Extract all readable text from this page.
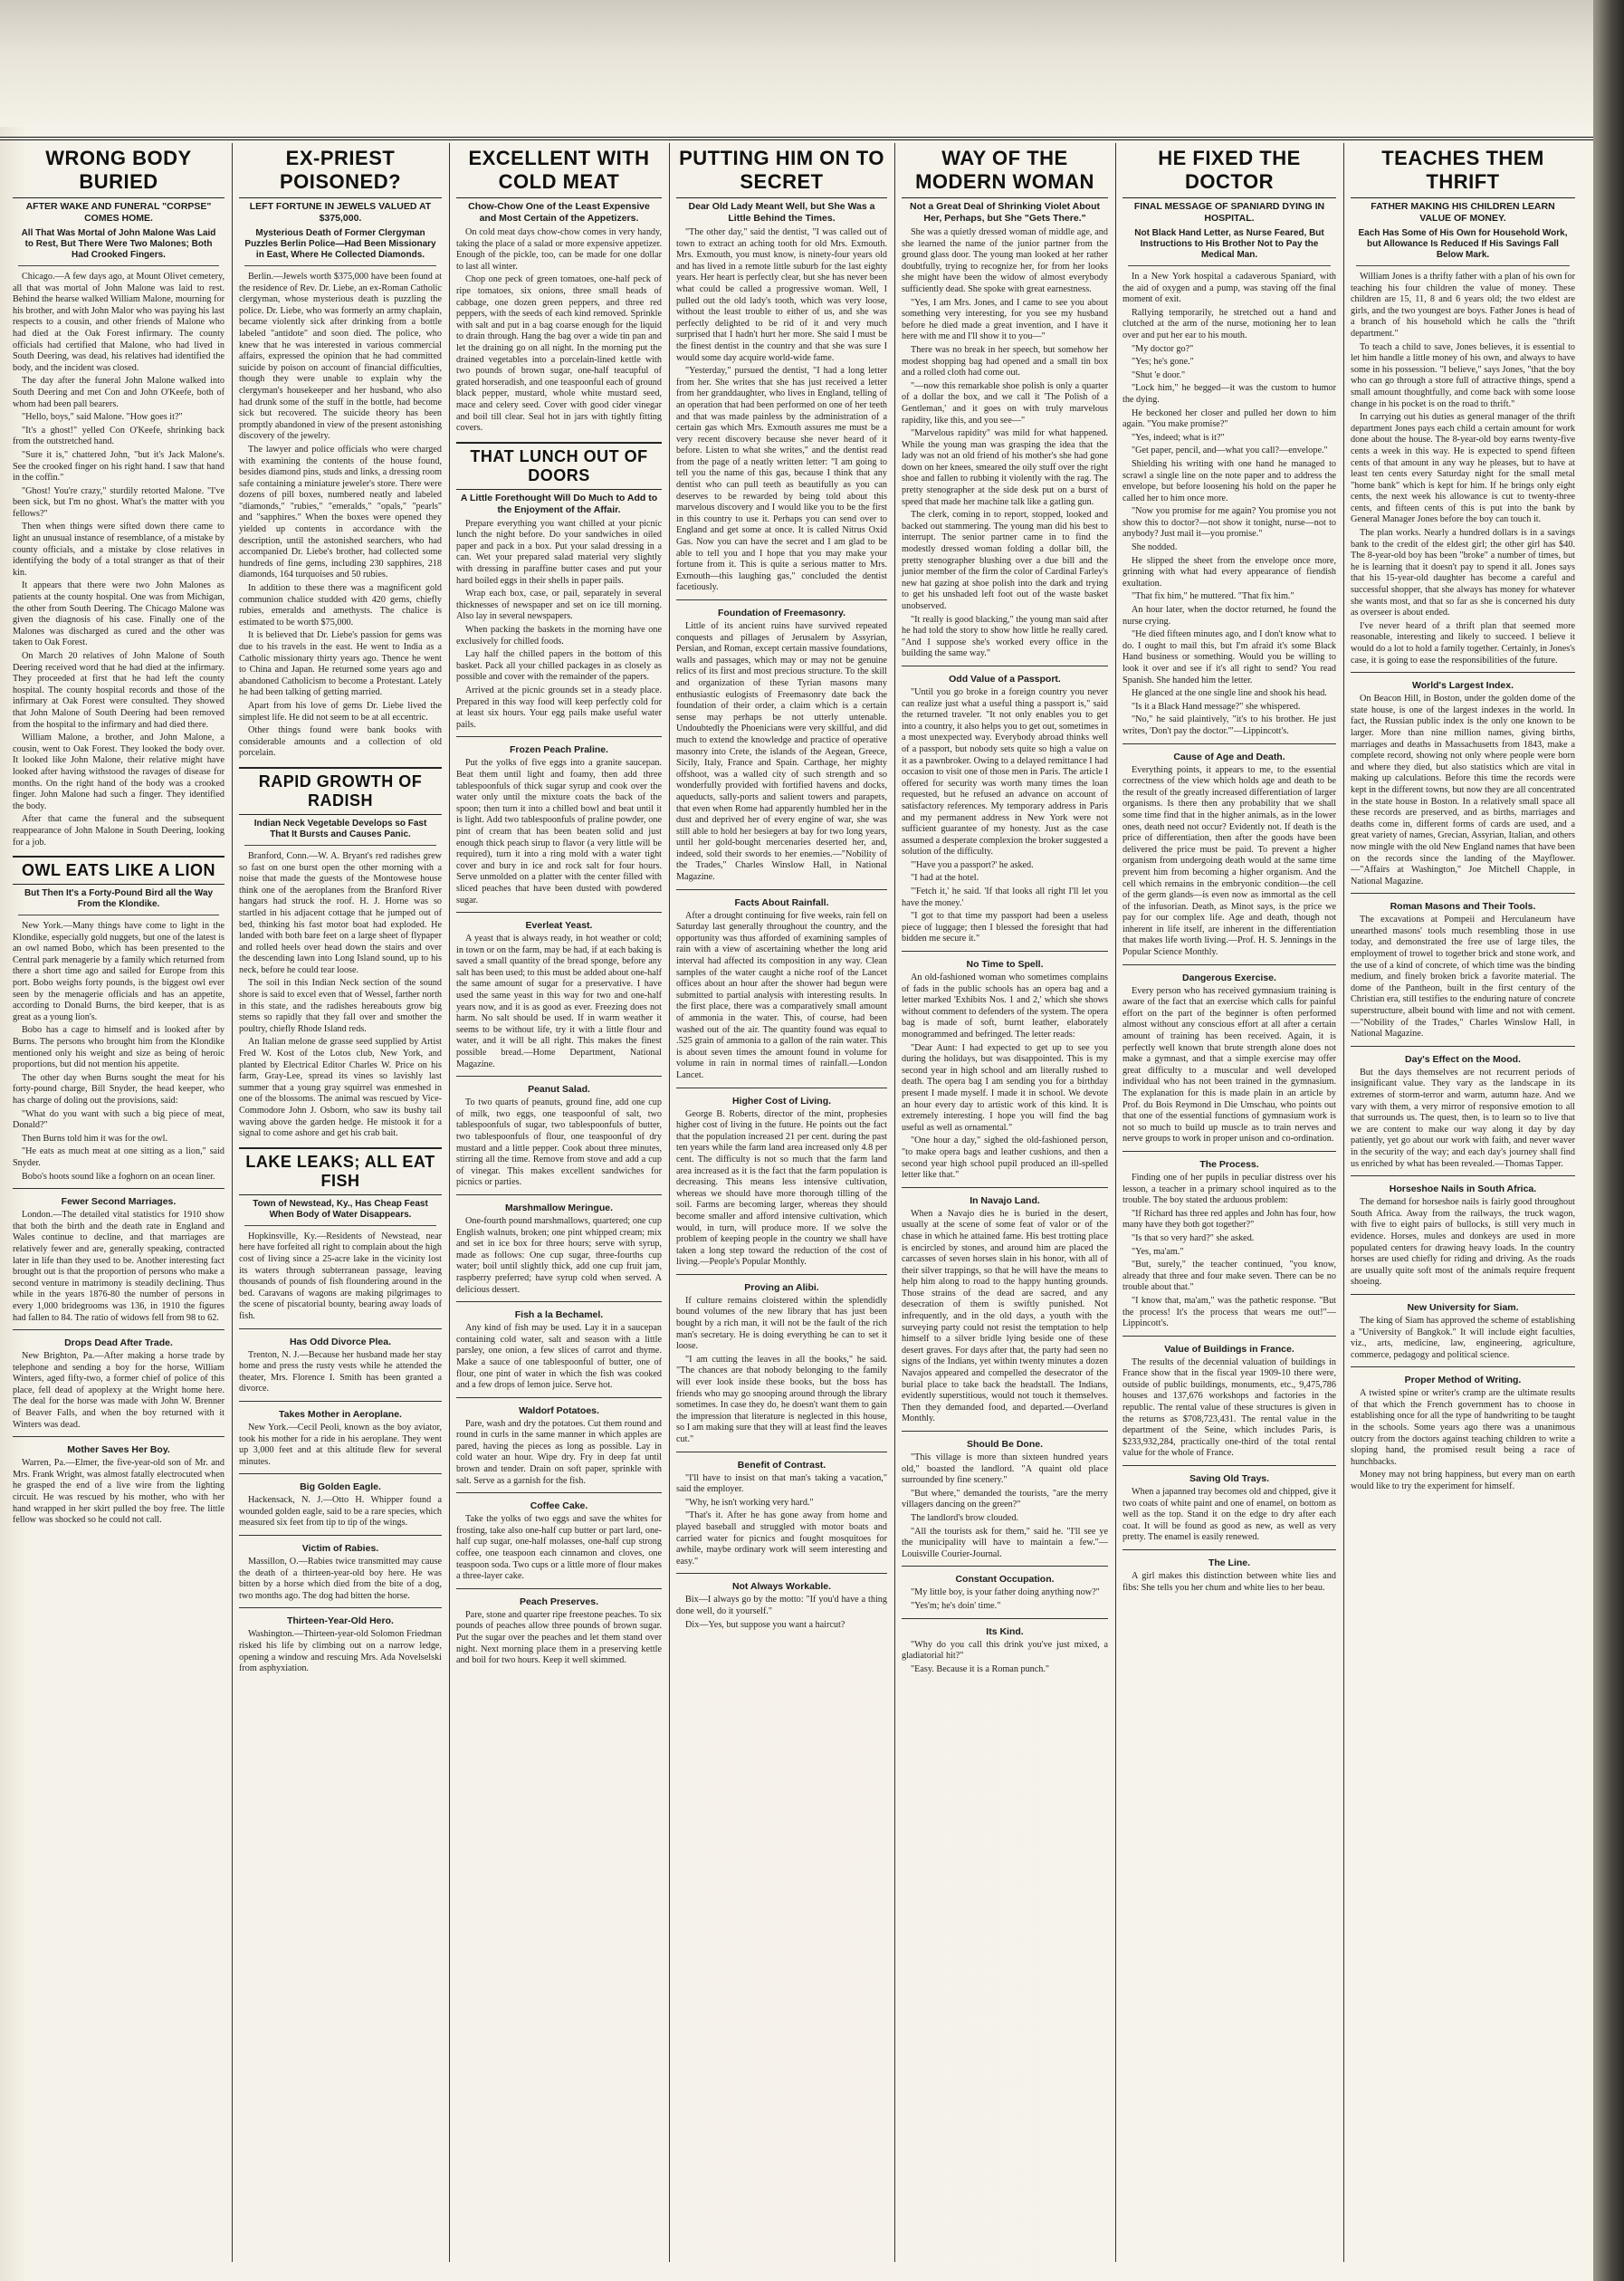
WRONG BODY BURIED
AFTER WAKE AND FUNERAL "CORPSE" COMES HOME.
All That Was Mortal of John Malone Was Laid to Rest, But There Were Two Malones; Both Had Crooked Fingers.

Chicago.—A few days ago, at Mount Olivet cemetery, all that was mortal of John Malone was laid to rest. Behind the hearse walked William Malone, mourning for his brother, and with John Malor who was paying his last respects to a cousin, and other friends of Malone who had died at the Oak Forest infirmary. The county officials had certified that Malone, who had lived in South Deering, was dead, his relatives had identified the body, and the incident was closed.

The day after the funeral John Malone walked into South Deering and met Con and John O'Keefe, both of whom had been pall bearers.

"Hello, boys," said Malone. "How goes it?"

"It's a ghost!" yelled Con O'Keefe, shrinking back from the outstretched hand.

"Sure it is," chattered John, "but it's Jack Malone's. See the crooked finger on his right hand. I saw that hand in the coffin."

"Ghost! You're crazy," sturdily retorted Malone. "I've been sick, but I'm no ghost. What's the matter with you fellows?"

Then when things were sifted down there came to light an unusual instance of resemblance, of a mistake by county officials, and a mistake by close relatives in identifying the body of a total stranger as that of their kin.

It appears that there were two John Malones as patients at the county hospital. One was from Michigan, the other from South Deering. The Chicago Malone was given the diagnosis of his case. Finally one of the Malones was discharged as cured and the other was taken to Oak Forest.

On March 20 relatives of John Malone of South Deering received word that he had died at the infirmary. They proceeded at first that he had left the county hospital. The county hospital records and those of the infirmary at Oak Forest were consulted. They showed that John Malone of South Deering had been removed from the hospital to the infirmary and had died there.

William Malone, a brother, and John Malone, a cousin, went to Oak Forest. They looked the body over. It looked like John Malone, their relative might have looked after having withstood the ravages of disease for months. On the right hand of the body was a crooked finger. John Malone had such a finger. They identified the body.

After that came the funeral and the subsequent reappearance of John Malone in South Deering, looking for a job.

OWL EATS LIKE A LION
But Then It's a Forty-Pound Bird all the Way From the Klondike.

New York.—Many things have come to light in the Klondike, especially gold nuggets, but one of the latest is an owl named Bobo, which has been presented to the Central park menagerie by a family which returned from there a short time ago and sailed for Europe from this port. Bobo weighs forty pounds, is the biggest owl ever seen by the menagerie officials and has an appetite, according to Donald Burns, the bird keeper, that is as great as a young lion's.

Bobo has a cage to himself and is looked after by Burns. The persons who brought him from the Klondike mentioned only his weight and size as being of heroic proportions, but did not mention his appetite.

The other day when Burns sought the meat for his forty-pound charge, Bill Snyder, the head keeper, who has charge of doling out the provisions, said:

"What do you want with such a big piece of meat, Donald?"

Then Burns told him it was for the owl.

"He eats as much meat at one sitting as a lion," said Snyder.

Bobo's hoots sound like a foghorn on an ocean liner.

Fewer Second Marriages.

London.—The detailed vital statistics for 1910 show that both the birth and the death rate in England and Wales continue to decline, and that marriages are relatively fewer and are, generally speaking, contracted later in life than they used to be. Another interesting fact brought out is that the proportion of persons who make a second venture in matrimony is steadily declining. Thus while in the years 1876-80 the number of persons in every 1,000 bridegrooms was 136, in 1910 the figures had fallen to 84. The ratio of widows fell from 98 to 62.

Drops Dead After Trade.

New Brighton, Pa.—After making a horse trade by telephone and sending a boy for the horse, William Winters, aged fifty-two, a former chief of police of this place, fell dead of apoplexy at the Wright home here. The deal for the horse was made with John W. Brenner of Beaver Falls, and when the boy returned with it Winters was dead.

Mother Saves Her Boy.

Warren, Pa.—Elmer, the five-year-old son of Mr. and Mrs. Frank Wright, was almost fatally electrocuted when he grasped the end of a live wire from the lighting circuit. He was rescued by his mother, who with her hand wrapped in her skirt pulled the boy free. The little fellow was shocked so he could not call.

EX-PRIEST POISONED?
LEFT FORTUNE IN JEWELS VALUED AT $375,000.
Mysterious Death of Former Clergyman Puzzles Berlin Police—Had Been Missionary in East, Where He Collected Diamonds.

Berlin.—Jewels worth $375,000 have been found at the residence of Rev. Dr. Liebe, an ex-Roman Catholic clergyman, whose mysterious death is puzzling the police. Dr. Liebe, who was formerly an army chaplain, became violently sick after drinking from a bottle labeled "antidote" and soon died. The police, who knew that he was interested in various commercial affairs, expressed the opinion that he had committed suicide by poison on account of financial difficulties, though they were unable to explain why the clergyman's housekeeper and her husband, who also had drunk some of the stuff in the bottle, had become sick but recovered. The suicide theory has been promptly abandoned in view of the present astonishing discovery of the jewelry.

The lawyer and police officials who were charged with examining the contents of the house found, besides diamond pins, studs and links, a dressing room safe containing a miniature jeweler's store. There were dozens of pill boxes, numbered neatly and labeled "diamonds," "rubies," "emeralds," "opals," "pearls" and "sapphires." When the boxes were opened they yielded up contents in accordance with the description, until the astonished searchers, who had accompanied Dr. Liebe's brother, had collected some hundreds of fine gems, including 230 sapphires, 218 diamonds, 164 turquoises and 50 rubies.

In addition to these there was a magnificent gold communion chalice studded with 420 gems, chiefly rubies, emeralds and amethysts. The chalice is estimated to be worth $75,000.

It is believed that Dr. Liebe's passion for gems was due to his travels in the east. He went to India as a Catholic missionary thirty years ago. Thence he went to China and Japan. He returned some years ago and abandoned Catholicism to become a Protestant. Lately he had been talking of getting married.

Apart from his love of gems Dr. Liebe lived the simplest life. He did not seem to be at all eccentric.

Other things found were bank books with considerable amounts and a collection of old porcelain.

RAPID GROWTH OF RADISH
Indian Neck Vegetable Develops so Fast That It Bursts and Causes Panic.

Branford, Conn.—W. A. Bryant's red radishes grew so fast on one burst open the other morning with a noise that made the guests of the Montowese house think one of the aeroplanes from the Branford River hangars had struck the roof. H. J. Horne was so startled in his adjacent cottage that he jumped out of bed, thinking his fast motor boat had exploded. He landed with both bare feet on a large sheet of flypaper and rolled heels over head down the stairs and over the descending lawn into Long Island sound, up to his neck, before he could tear loose.

The soil in this Indian Neck section of the sound shore is said to excel even that of Wessel, farther north in this state, and the radishes hereabouts grow big stems so rapidly that they fall over and smother the poultry, chiefly Rhode Island reds.

An Italian melone de grasse seed supplied by Artist Fred W. Kost of the Lotos club, New York, and planted by Electrical Editor Charles W. Price on his farm, Gray-Lee, spread its vines so lavishly last summer that a young gray squirrel was enmeshed in one of the blossoms. The animal was rescued by Vice-Commodore John J. Osborn, who saw its bushy tail waving above the garden hedge. He mistook it for a signal to come ashore and get his crab bait.

LAKE LEAKS; ALL EAT FISH
Town of Newstead, Ky., Has Cheap Feast When Body of Water Disappears.

Hopkinsville, Ky.—Residents of Newstead, near here have forfeited all right to complain about the high cost of living since a 25-acre lake in the vicinity lost its waters through subterranean passage, leaving thousands of pounds of fish floundering around in the bed. Caravans of wagons are making pilgrimages to the scene of piscatorial bounty, bearing away loads of fish.

Has Odd Divorce Plea.

Trenton, N. J.—Because her husband made her stay home and press the rusty vests while he attended the theater, Mrs. Florence I. Smith has been granted a divorce.

Takes Mother in Aeroplane.

New York.—Cecil Peoli, known as the boy aviator, took his mother for a ride in his aeroplane. They went up 3,000 feet and at this altitude flew for several minutes.

Big Golden Eagle.

Hackensack, N. J.—Otto H. Whipper found a wounded golden eagle, said to be a rare species, which measured six feet from tip to tip of the wings.

Victim of Rabies.

Massillon, O.—Rabies twice transmitted may cause the death of a thirteen-year-old boy here. He was bitten by a horse which died from the bite of a dog, two months ago. The dog had bitten the horse.

Thirteen-Year-Old Hero.

Washington.—Thirteen-year-old Solomon Friedman risked his life by climbing out on a narrow ledge, opening a window and rescuing Mrs. Ada Novelselski from asphyxiation.

EXCELLENT WITH COLD MEAT
Chow-Chow One of the Least Expensive and Most Certain of the Appetizers.

On cold meat days chow-chow comes in very handy, taking the place of a salad or more expensive appetizer. Enough of the pickle, too, can be made for one dollar to last all winter.

Chop one peck of green tomatoes, one-half peck of ripe tomatoes, six onions, three small heads of cabbage, one dozen green peppers, and three red peppers, with the seeds of each kind removed. Sprinkle with salt and put in a bag coarse enough for the liquid to drain through. Hang the bag over a wide tin pan and let the draining go on all night. In the morning put the drained vegetables into a porcelain-lined kettle with two pounds of brown sugar, one-half teacupful of grated horseradish, and one teaspoonful each of ground black pepper, mustard, whole white mustard seed, mace and celery seed. Cover with good cider vinegar and boil till clear. Seal hot in jars with tightly fitting covers.

THAT LUNCH OUT OF DOORS
A Little Forethought Will Do Much to Add to the Enjoyment of the Affair.

Prepare everything you want chilled at your picnic lunch the night before. Do your sandwiches in oiled paper and pack in a box. Put your salad dressing in a can. Wet your prepared salad material very slightly with dressing in paraffine butter cases and put your hard boiled eggs in their shells in paper pails.

Wrap each box, case, or pail, separately in several thicknesses of newspaper and set on ice till morning. Also lay in several newspapers.

When packing the baskets in the morning have one exclusively for chilled foods.

Lay half the chilled papers in the bottom of this basket. Pack all your chilled packages in as closely as possible and cover with the remainder of the papers.

Arrived at the picnic grounds set in a steady place. Prepared in this way food will keep perfectly cold for at least six hours. Your egg pails make useful water pails.

Frozen Peach Praline.

Put the yolks of five eggs into a granite saucepan. Beat them until light and foamy, then add three tablespoonfuls of thick sugar syrup and cook over the water only until the mixture coats the back of the spoon; then turn it into a chilled bowl and beat until it is light. Add two tablespoonfuls of praline powder, one pint of cream that has been beaten solid and just enough thick peach sirup to flavor (a very little will be required), turn it into a ring mold with a water tight cover and bury in ice and rock salt for four hours. Serve unmolded on a platter with the center filled with sliced peaches that have been dusted with powdered sugar.

Everleat Yeast.

A yeast that is always ready, in hot weather or cold; in town or on the farm, may be had, if at each baking is saved a small quantity of the bread sponge, before any salt has been used; to this must be added about one-half the same amount of sugar for a preservative. I have used the same yeast in this way for two and one-half years now, and it is as good as ever. Freezing does not harm. No salt should be used. If in warm weather it seems to be without life, try it with a little flour and water, and it will be all right. This makes the finest possible bread.—Home Department, National Magazine.

Peanut Salad.

To two quarts of peanuts, ground fine, add one cup of milk, two eggs, one teaspoonful of salt, two tablespoonfuls of sugar, two tablespoonfuls of butter, two tablespoonfuls of flour, one teaspoonful of dry mustard and a little pepper. Cook about three minutes, stirring all the time. Remove from stove and add a cup of vinegar. This makes excellent sandwiches for picnics or parties.

Marshmallow Meringue.

One-fourth pound marshmallows, quartered; one cup English walnuts, broken; one pint whipped cream; mix and set in ice box for three hours; serve with syrup, made as follows: One cup sugar, three-fourths cup water; boil until slightly thick, add one cup fruit jam, raspberry preferred; have syrup cold when served. A delicious dessert.

Fish a la Bechamel.

Any kind of fish may be used. Lay it in a saucepan containing cold water, salt and season with a little parsley, one onion, a few slices of carrot and thyme. Make a sauce of one tablespoonful of butter, one of flour, one pint of water in which the fish was cooked and a few drops of lemon juice. Serve hot.

Waldorf Potatoes.

Pare, wash and dry the potatoes. Cut them round and round in curls in the same manner in which apples are pared, having the pieces as long as possible. Lay in cold water an hour. Wipe dry. Fry in deep fat until brown and tender. Drain on soft paper, sprinkle with salt. Serve as a garnish for the fish.

Coffee Cake.

Take the yolks of two eggs and save the whites for frosting, take also one-half cup butter or part lard, one-half cup sugar, one-half molasses, one-half cup strong coffee, one teaspoon each cinnamon and cloves, one teaspoon soda. Two cups or a little more of flour makes a three-layer cake.

Peach Preserves.

Pare, stone and quarter ripe freestone peaches. To six pounds of peaches allow three pounds of brown sugar. Put the sugar over the peaches and let them stand over night. Next morning place them in a preserving kettle and boil for two hours. Keep it well skimmed.

PUTTING HIM ON TO SECRET
Dear Old Lady Meant Well, but She Was a Little Behind the Times.

"The other day," said the dentist, "I was called out of town to extract an aching tooth for old Mrs. Exmouth. Mrs. Exmouth, you must know, is ninety-four years old and has lived in a remote little suburb for the last eighty years. Her heart is perfectly clear, but she has never been what could be called a progressive woman. Well, I pulled out the old lady's tooth, which was very loose, without the least trouble to either of us, and she was perfectly delighted to be rid of it and very much surprised that I hadn't hurt her more. She said I must be the finest dentist in the country and that she was sure I would some day acquire world-wide fame.

"Yesterday," pursued the dentist, "I had a long letter from her. She writes that she has just received a letter from her granddaughter, who lives in England, telling of an operation that had been performed on one of her teeth and that was made painless by the administration of a certain gas which Mrs. Exmouth assures me must be a very recent discovery because she never heard of it before. Listen to what she writes," and the dentist read from the page of a neatly written letter: "I am going to tell you the name of this gas, because I think that any dentist who can pull teeth as beautifully as you can deserves to be rewarded by being told about this marvelous discovery and I would like you to be the first in this country to use it. Perhaps you can send over to England and get some at once. It is called Nitrus Oxid Gas. Now you can have the secret and I am glad to be able to tell you and I hope that you may make your fortune from it. This is quite a serious matter to Mrs. Exmouth—this laughing gas," concluded the dentist facetiously.

Foundation of Freemasonry.

Little of its ancient ruins have survived repeated conquests and pillages of Jerusalem by Assyrian, Persian, and Roman, except certain massive foundations, walls and passages, which may or may not be genuine relics of its first and most precious structure. To the skill and organization of these Tyrian masons many enthusiastic eulogists of Freemasonry date back the foundation of their order, a claim which is a certain sense may perhaps be not utterly untenable. Undoubtedly the Phoenicians were very skillful, and did much to extend the knowledge and practice of operative masonry into Crete, the islands of the Aegean, Greece, Sicily, Italy, France and Spain. Carthage, her mighty offshoot, was a walled city of such strength and so wonderfully provided with fortified havens and docks, aqueducts, sally-ports and salient towers and parapets, that even when Rome had apparently humbled her in the dust and deprived her of every engine of war, she was still able to hold her besiegers at bay for two long years, until her gold-bought mercenaries deserted her, and, indeed, sold their swords to her enemies.—"Nobility of the Trades," Charles Winslow Hall, in National Magazine.

Facts About Rainfall.

After a drought continuing for five weeks, rain fell on Saturday last generally throughout the country, and the opportunity was thus afforded of examining samples of rain with a view of ascertaining whether the long arid interval had affected its composition in any way. Clean samples of the water caught a niche roof of the Lancet offices about an hour after the shower had begun were submitted to partial analysis with interesting results. In the first place, there was a comparatively small amount of ammonia in the water. This, of course, had been washed out of the air. The quantity found was equal to .525 grain of ammonia to a gallon of the rain water. This is about seven times the amount found in volume for volume in rain in normal times of rainfall.—London Lancet.

Higher Cost of Living.

George B. Roberts, director of the mint, prophesies higher cost of living in the future. He points out the fact that the population increased 21 per cent. during the past ten years while the farm land area increased only 4.8 per cent. The difficulty is not so much that the farm land area increased as it is the fact that the farm population is decreasing. This means less intensive cultivation, whereas we should have more thorough tilling of the soil. Farms are becoming larger, whereas they should become smaller and afford intensive cultivation, which would, in turn, will produce more. If we solve the problem of keeping people in the country we shall have taken a long step toward the reduction of the cost of living.—People's Popular Monthly.

Proving an Alibi.

If culture remains cloistered within the splendidly bound volumes of the new library that has just been bought by a rich man, it will not be the fault of the rich man's secretary. He is doing everything he can to set it loose.

"I am cutting the leaves in all the books," he said. "The chances are that nobody belonging to the family will ever look inside these books, but the boss has friends who may go snooping around through the library sometimes. In case they do, he doesn't want them to gain the impression that literature is neglected in this house, so I am making sure that they will at least find the leaves cut."

Benefit of Contrast.

"I'll have to insist on that man's taking a vacation," said the employer.

"Why, he isn't working very hard."

"That's it. After he has gone away from home and played baseball and struggled with motor boats and carried water for picnics and fought mosquitoes for awhile, maybe ordinary work will seem interesting and easy."

Not Always Workable.

Bix—I always go by the motto: "If you'd have a thing done well, do it yourself."

Dix—Yes, but suppose you want a haircut?

WAY OF THE MODERN WOMAN
Not a Great Deal of Shrinking Violet About Her, Perhaps, but She "Gets There."

She was a quietly dressed woman of middle age, and she learned the name of the junior partner from the ground glass door. The young man looked at her rather doubtfully, trying to recognize her, for from her looks she might have been the widow of almost everybody sufficiently dead. She spoke with great earnestness.

"Yes, I am Mrs. Jones, and I came to see you about something very interesting, for you see my husband before he died made a great invention, and I have it here with me and I'll show it to you—"

There was no break in her speech, but somehow her modest shopping bag had opened and a small tin box and a rolled cloth had come out.

"—now this remarkable shoe polish is only a quarter of a dollar the box, and we call it 'The Polish of a Gentleman,' and it goes on with truly marvelous rapidity, like this, and you see—"

"Marvelous rapidity" was mild for what happened. While the young man was grasping the idea that the lady was not an old friend of his mother's she had gone down on her knees, smeared the oily stuff over the right shoe and fallen to rubbing it violently with the rag. The pretty stenographer at the side desk put on a burst of speed that made her machine talk like a gatling gun.

The clerk, coming in to report, stopped, looked and backed out stammering. The young man did his best to interrupt. The senior partner came in to find the modestly dressed woman folding a dollar bill, the pretty stenographer blushing over a due bill and the junior member of the firm the color of Cardinal Farley's new hat gazing at shoe polish into the dark and trying to get his unshaded left foot out of the waste basket unobserved.

"It really is good blacking," the young man said after he had told the story to show how little he really cared. "And I suppose she's worked every office in the building the same way."

Odd Value of a Passport.

"Until you go broke in a foreign country you never can realize just what a useful thing a passport is," said the returned traveler. "It not only enables you to get into a country, it also helps you to get out, sometimes in a most unexpected way. Everybody abroad thinks well of a passport, but nobody sets quite so high a value on it as a pawnbroker. Owing to a delayed remittance I had occasion to visit one of those men in Paris. The article I offered for security was worth many times the loan requested, but he refused an advance on account of satisfactory references. My temporary address in Paris and my permanent address in New York were not sufficient guarantee of my honesty. Just as the case assumed a desperate complexion the broker suggested a solution of the difficulty.

"'Have you a passport?' he asked.

"I had at the hotel.

"'Fetch it,' he said. 'If that looks all right I'll let you have the money.'

"I got to that time my passport had been a useless piece of luggage; then I blessed the foresight that had bidden me secure it."

No Time to Spell.

An old-fashioned woman who sometimes complains of fads in the public schools has an opera bag and a letter marked 'Exhibits Nos. 1 and 2,' which she shows without comment to defenders of the system. The opera bag is made of soft, burnt leather, elaborately monogrammed and befringed. The letter reads:

"Dear Aunt: I had expected to get up to see you during the holidays, but was disappointed. This is my second year in high school and am literally rushed to death. The opera bag I am sending you for a birthday present I made myself. I made it in school. We devote an hour every day to artistic work of this kind. It is extremely interesting. I hope you will find the bag useful as well as ornamental."

"One hour a day," sighed the old-fashioned person, "to make opera bags and leather cushions, and then a second year high school pupil produced an ill-spelled letter like that."

In Navajo Land.

When a Navajo dies he is buried in the desert, usually at the scene of some feat of valor or of the chase in which he attained fame. His best trotting place is encircled by stones, and around him are placed the carcasses of seven horses slain in his honor, with all of their silver trappings, so that he will have the means to help him along to road to the happy hunting grounds. Those strains of the dead are sacred, and any desecration of them is swiftly punished. Not infrequently, and in the old days, a youth with the surveying party could not resist the temptation to help himself to a silver bridle lying beside one of these desert graves. For days after that, the party had seen no signs of the Indians, yet within twenty minutes a dozen Navajos appeared and compelled the desecrator of the burial place to take back the headstall. The Indians, evidently superstitious, would not touch it themselves. Then they demanded food, and departed.—Overland Monthly.

Should Be Done.

"This village is more than sixteen hundred years old," boasted the landlord. "A quaint old place surrounded by fine scenery."

"But where," demanded the tourists, "are the merry villagers dancing on the green?"

The landlord's brow clouded.

"All the tourists ask for them," said he. "I'll see ye the municipality will have to maintain a few."—Louisville Courier-Journal.

Constant Occupation.

"My little boy, is your father doing anything now?"

"Yes'm; he's doin' time."

Its Kind.

"Why do you call this drink you've just mixed, a gladiatorial hit?"

"Easy. Because it is a Roman punch."

HE FIXED THE DOCTOR
FINAL MESSAGE OF SPANIARD DYING IN HOSPITAL.
Not Black Hand Letter, as Nurse Feared, But Instructions to His Brother Not to Pay the Medical Man.

In a New York hospital a cadaverous Spaniard, with the aid of oxygen and a pump, was staving off the final moment of exit.

Rallying temporarily, he stretched out a hand and clutched at the arm of the nurse, motioning her to lean over and put her ear to his mouth.

"My doctor go?"

"Yes; he's gone."

"Shut 'e door."

"Lock him," he begged—it was the custom to humor the dying.

He beckoned her closer and pulled her down to him again. "You make promise?"

"Yes, indeed; what is it?"

"Get paper, pencil, and—what you call?—envelope."

Shielding his writing with one hand he managed to scrawl a single line on the note paper and to address the envelope, but before loosening his hold on the paper he called her to him once more.

"Now you promise for me again? You promise you not show this to doctor?—not show it tonight, nurse—not to anybody? Just mail it—you promise."

She nodded.

He slipped the sheet from the envelope once more, grinning with what had every appearance of fiendish exultation.

"That fix him," he muttered. "That fix him."

An hour later, when the doctor returned, he found the nurse crying.

"He died fifteen minutes ago, and I don't know what to do. I ought to mail this, but I'm afraid it's some Black Hand business or something. Would you be willing to look it over and see if it's all right to send? You read Spanish. She handed him the letter.

He glanced at the one single line and shook his head.

"Is it a Black Hand message?" she whispered.

"No," he said plaintively, "it's to his brother. He just writes, 'Don't pay the doctor.'"—Lippincott's.

Cause of Age and Death.

Everything points, it appears to me, to the essential correctness of the view which holds age and death to be the result of the greatly increased differentiation of larger organisms. Is there then any probability that we shall some time find that in the higher animals, as in the lower ones, death need not occur? Evidently not. If death is the price of differentiation, then after the goods have been delivered the price must be paid. To prevent a higher organism from undergoing death would at the same time prevent him from becoming a higher organism. And the cell which remains in the embryonic condition—the cell of the germ glands—is even now as immortal as the cell of the infusorian. Death, as Minot says, is the price we pay for our complex life. Age and death, though not inherent in life itself, are inherent in the differentiation that makes life worth living.—Prof. H. S. Jennings in the Popular Science Monthly.

Dangerous Exercise.

Every person who has received gymnasium training is aware of the fact that an exercise which calls for painful effort on the part of the beginner is often performed almost without any conscious effort at all after a certain amount of training has been received. Again, it is perfectly well known that brute strength alone does not make a gymnast, and that a simple exercise may offer great difficulty to a muscular and well developed individual who has not been trained in the gymnasium. The explanation for this is made plain in an article by Prof. du Bois Reymond in Die Umschau, who points out that one of the essential functions of gymnasium work is not so much to build up muscle as to train nerves and nerve groups to work in proper unison and co-ordination.

The Process.

Finding one of her pupils in peculiar distress over his lesson, a teacher in a primary school inquired as to the trouble. The boy stated the arduous problem:

"If Richard has three red apples and John has four, how many have they both got together?"

"Is that so very hard?" she asked.

"Yes, ma'am."

"But, surely," the teacher continued, "you know, already that three and four make seven. There can be no trouble about that."

"I know that, ma'am," was the pathetic response. "But the process! It's the process that wears me out!"—Lippincott's.

Value of Buildings in France.

The results of the decennial valuation of buildings in France show that in the fiscal year 1909-10 there were, outside of public buildings, monuments, etc., 9,475,786 houses and 137,676 workshops and factories in the republic. The rental value of these structures is given in the returns as $708,723,431. The rental value in the department of the Seine, which includes Paris, is $233,932,284, practically one-third of the total rental value for the whole of France.

Saving Old Trays.

When a japanned tray becomes old and chipped, give it two coats of white paint and one of enamel, on bottom as well as the top. Stand it on the edge to dry after each coat. It will be found as good as new, as well as very pretty. The enamel is easily renewed.

The Line.

A girl makes this distinction between white lies and fibs: She tells you her chum and white lies to her beau.

TEACHES THEM THRIFT
FATHER MAKING HIS CHILDREN LEARN VALUE OF MONEY.
Each Has Some of His Own for Household Work, but Allowance Is Reduced If His Savings Fall Below Mark.

William Jones is a thrifty father with a plan of his own for teaching his four children the value of money. These children are 15, 11, 8 and 6 years old; the two eldest are girls, and the two youngest are boys. Father Jones is head of a branch of his household which he calls the "thrift department."

To teach a child to save, Jones believes, it is essential to let him handle a little money of his own, and always to have some in his possession. "I believe," says Jones, "that the boy who can go through a store full of attractive things, spend a small amount thoughtfully, and come back with some loose change in his pocket is on the road to thrift."

In carrying out his duties as general manager of the thrift department Jones pays each child a certain amount for work done about the house. The 8-year-old boy earns twenty-five cents a week in this way. He is expected to spend fifteen cents of that amount in any way he pleases, but to have at least ten cents every Saturday night for the small metal "home bank" which is kept for him. If he brings only eight cents, the next week his allowance is cut to twenty-three cents, and fifteen cents of this is put into the bank by General Manager Jones before the boy can touch it.

The plan works. Nearly a hundred dollars is in a savings bank to the credit of the eldest girl; the other girl has $40. The 8-year-old boy has been "broke" a number of times, but he is learning that it doesn't pay to spend it all. Jones says that his 15-year-old daughter has become a careful and successful shopper, that she always has money for whatever she wants most, and that so far as she is concerned his duty as overseer is about ended.

I've never heard of a thrift plan that seemed more reasonable, interesting and likely to succeed. I believe it would do a lot to hold a family together. Certainly, in Jones's case, it is going to ease the responsibilities of the future.

World's Largest Index.

On Beacon Hill, in Boston, under the golden dome of the state house, is one of the largest indexes in the world. In fact, the Russian public index is the only one known to be larger. More than nine million names, giving births, marriages and deaths in Massachusetts from 1843, make a complete record, showing not only where people were born and where they died, but also statistics which are vital in making up calculations. Before this time the records were kept in the different towns, but now they are all concentrated in the state house in Boston. In a relatively small space all these records are preserved, and as births, marriages and deaths come in, different forms of cards are used, and a great variety of names, Grecian, Assyrian, Italian, and others now mingle with the old New England names that have been on the records since the landing of the Mayflower.—"Affairs at Washington," Joe Mitchell Chapple, in National Magazine.

Roman Masons and Their Tools.

The excavations at Pompeii and Herculaneum have unearthed masons' tools much resembling those in use today, and demonstrated the free use of large tiles, the employment of trowel to together brick and stone work, and the use of a kind of concrete, of which time was the binding medium, and finely broken brick a favorite material. The dome of the Pantheon, built in the first century of the Christian era, still testifies to the enduring nature of concrete superstructure, albeit bound with lime and not with cement.—"Nobility of the Trades," Charles Winslow Hall, in National Magazine.

Day's Effect on the Mood.

But the days themselves are not recurrent periods of insignificant value. They vary as the landscape in its extremes of storm-terror and warm, autumn haze. And we vary with them, a very mirror of responsive emotion to all that surrounds us. The quest, then, is to learn so to live that we are content to make our way along it day by day patiently, yet go about our work with faith, and never waver in the security of the way; and each day's journey shall find us enriched by what has been revealed.—Thomas Tapper.

Horseshoe Nails in South Africa.

The demand for horseshoe nails is fairly good throughout South Africa. Away from the railways, the truck wagon, with five to eight pairs of bullocks, is still very much in evidence. Horses, mules and donkeys are used in more populated centers for drawing heavy loads. In the country horses are used chiefly for riding and driving. As the roads are usually quite soft most of the animals require frequent shoeing.

New University for Siam.

The king of Siam has approved the scheme of establishing a "University of Bangkok." It will include eight faculties, viz., arts, medicine, law, engineering, agriculture, commerce, pedagogy and political science.

Proper Method of Writing.

A twisted spine or writer's cramp are the ultimate results of that which the French government has to choose in establishing once for all the type of handwriting to be taught in the schools. Some years ago there was a unanimous outcry from the doctors against teaching children to write a sloping hand, the promised result being a race of hunchbacks.

Money may not bring happiness, but every man on earth would like to try the experiment for himself.
